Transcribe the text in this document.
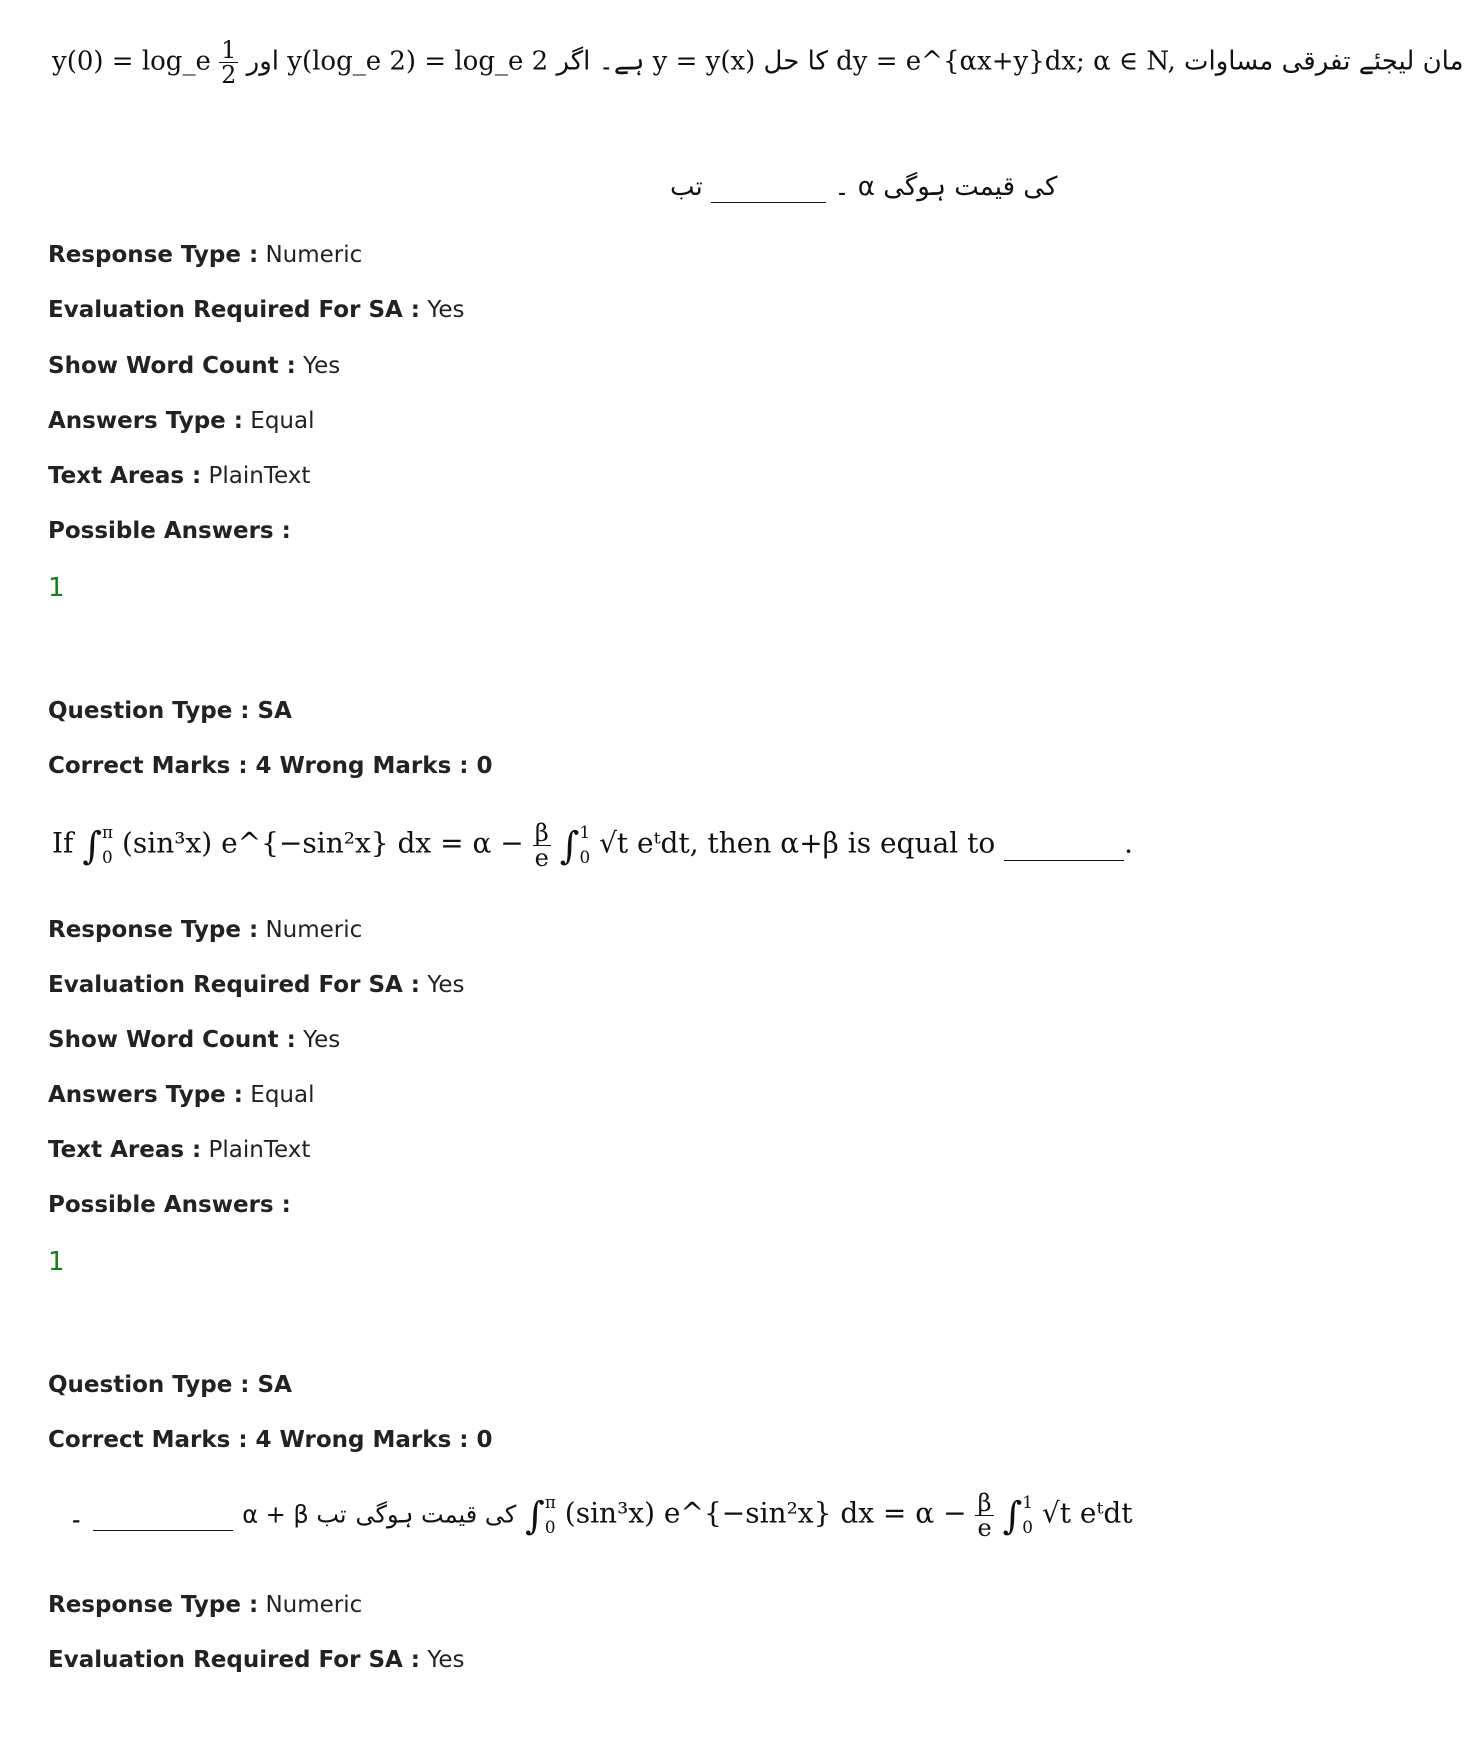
y(0) = log_e $\frac{1}{2}$ اور y(log_e 2) = log_e 2 ہے۔ اگر y = y(x) کا حل dy = e^{αx+y}dx; α ∈ N, مان لیجئے تفرقی مساوات
۔   تب α کی قیمت ہوگی
Response Type : Numeric
Evaluation Required For SA : Yes
Show Word Count : Yes
Answers Type : Equal
Text Areas : PlainText
Possible Answers :
1
Question Type : SA
Correct Marks : 4 Wrong Marks : 0
If ∫ π
0 (sin³x) e^{−sin²x} dx = $\alpha - \frac{\beta}{e}$ ∫ 1
0 √t eᵗdt, then α+β is equal to	.
Response Type : Numeric
Evaluation Required For SA : Yes
Show Word Count : Yes
Answers Type : Equal
Text Areas : PlainText
Possible Answers :
1
Question Type : SA
Correct Marks : 4 Wrong Marks : 0
۔	α + β کی قیمت ہوگی تب	∫ π
0 (sin³x) e^{−sin²x} dx = $\alpha - \frac{\beta}{e}$ ∫ 1
0 √t eᵗdt
Response Type : Numeric
Evaluation Required For SA : Yes
